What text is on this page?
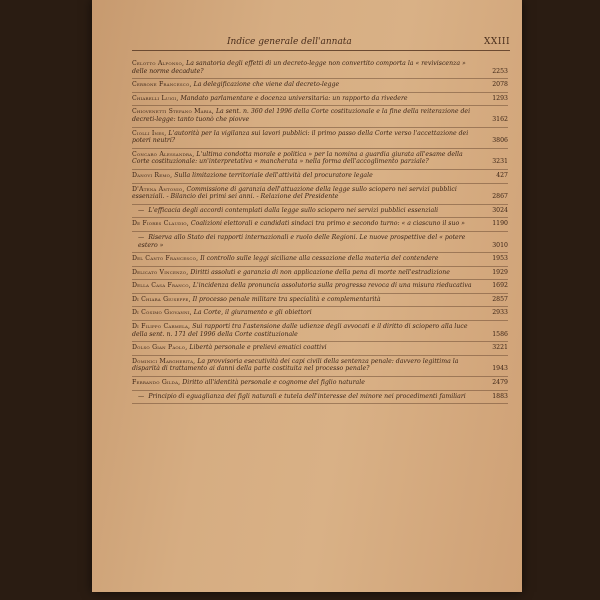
Indice generale dell'annata	XXIII
Celotto Alfonso, La sanatoria degli effetti di un decreto-legge non convertito comporta la « reviviscenza » delle norme decadute?	2253
Cerrone Francesco, La delegificazione che viene dal decreto-legge	2078
Chiarelli Luigi, Mandato parlamentare e docenza universitaria: un rapporto da rivedere	1293
Chiovenetti Stefano Maria, La sent. n. 360 del 1996 della Corte costituzionale e la fine della reiterazione dei decreti-legge: tanto tuonò che piovve	3162
Ciolli Ines, L'autorità per la vigilanza sui lavori pubblici: il primo passo della Corte verso l'accettazione dei poteri neutri?	3806
Concaro Alessandra, L'ultima condotta morale e politica » per la nomina a guardia giurata all'esame della Corte costituzionale: un'interpretativa « mancherata » nella forma dell'accoglimento parziale?	3231
Danovi Remo, Sulla limitazione territoriale dell'attività del procuratore legale	427
D'Atena Antonio, Commissione di garanzia dell'attuazione della legge sullo sciopero nei servizi pubblici essenziali. - Bilancio dei primi sei anni. - Relazione del Presidente	2867
— L'efficacia degli accordi contemplati dalla legge sullo sciopero nei servizi pubblici essenziali	3024
De Fiores Claudio, Coalizioni elettorali e candidati sindaci tra primo e secondo turno: « a ciascuno il suo »	1190
— Riserva allo Stato dei rapporti internazionali e ruolo delle Regioni. Le nuove prospettive del « potere estero »	3010
Del Canto Francesco, Il controllo sulle leggi siciliane alla cessazione della materia del contendere	1953
Delicato Vincenzo, Diritti assoluti e garanzia di non applicazione della pena di morte nell'estradizione	1929
Della Casa Franco, L'incidenza della pronuncia assolutoria sulla progressa revoca di una misura rieducativa	1692
Di Chiara Giuseppe, Il processo penale militare tra specialità e complementarità	2857
Di Cosimo Giovanni, La Corte, il giuramento e gli obiettori	2933
Di Filippo Carmela, Sui rapporti tra l'astensione dalle udienze degli avvocati e il diritto di sciopero alla luce della sent. n. 171 del 1996 della Corte costituzionale	1586
Dolso Gian Paolo, Libertà personale e prelievi ematici coattivi	3221
Dominici Margherita, La provvisoria esecutività dei capi civili della sentenza penale: davvero legittima la disparità di trattamento ai danni della parte costituita nel processo penale?	1943
Ferrando Gilda, Diritto all'identità personale e cognome del figlio naturale	2479
— Principio di eguaglianza dei figli naturali e tutela dell'interesse del minore nei procedimenti familiari	1883
